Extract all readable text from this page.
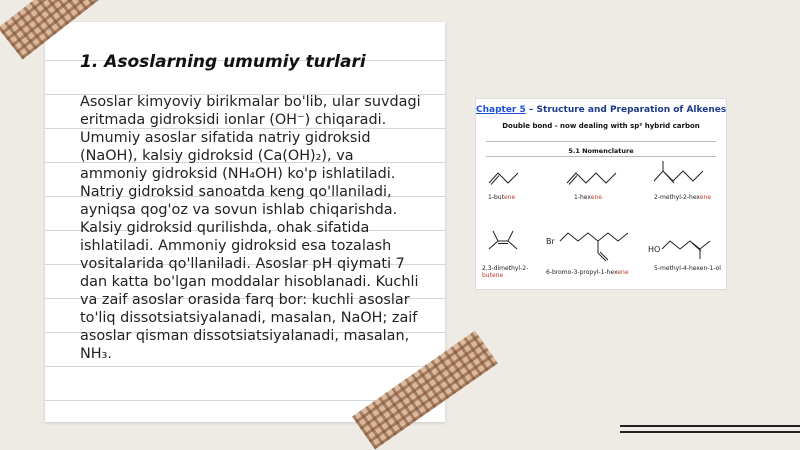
1. Asoslarning umumiy turlari
Asoslar kimyoviy birikmalar bo'lib, ular suvdagi eritmada gidroksidi ionlar (OH⁻) chiqaradi. Umumiy asoslar sifatida natriy gidroksid (NaOH), kalsiy gidroksid (Ca(OH)₂), va ammoniy gidroksid (NH₄OH) ko'p ishlatiladi. Natriy gidroksid sanoatda keng qo'llaniladi, ayniqsa qog'oz va sovun ishlab chiqarishda. Kalsiy gidroksid qurilishda, ohak sifatida ishlatiladi. Ammoniy gidroksid esa tozalash vositalarida qo'llaniladi. Asoslar pH qiymati 7 dan katta bo'lgan moddalar hisoblanadi. Kuchli va zaif asoslar orasida farq bor: kuchli asoslar to'liq dissotsiatsiyalanadi, masalan, NaOH; zaif asoslar qisman dissotsiatsiyalanadi, masalan, NH₃.
Chapter 5 – Structure and Preparation of Alkenes
Double bond - now dealing with sp² hybrid carbon
5.1 Nomenclature
1-butene	1-hexene	2-methyl-2-hexene
2,3-dimethyl-2-
butene
Br
6-bromo-3-propyl-1-hexene
HO
5-methyl-4-hexen-1-ol
